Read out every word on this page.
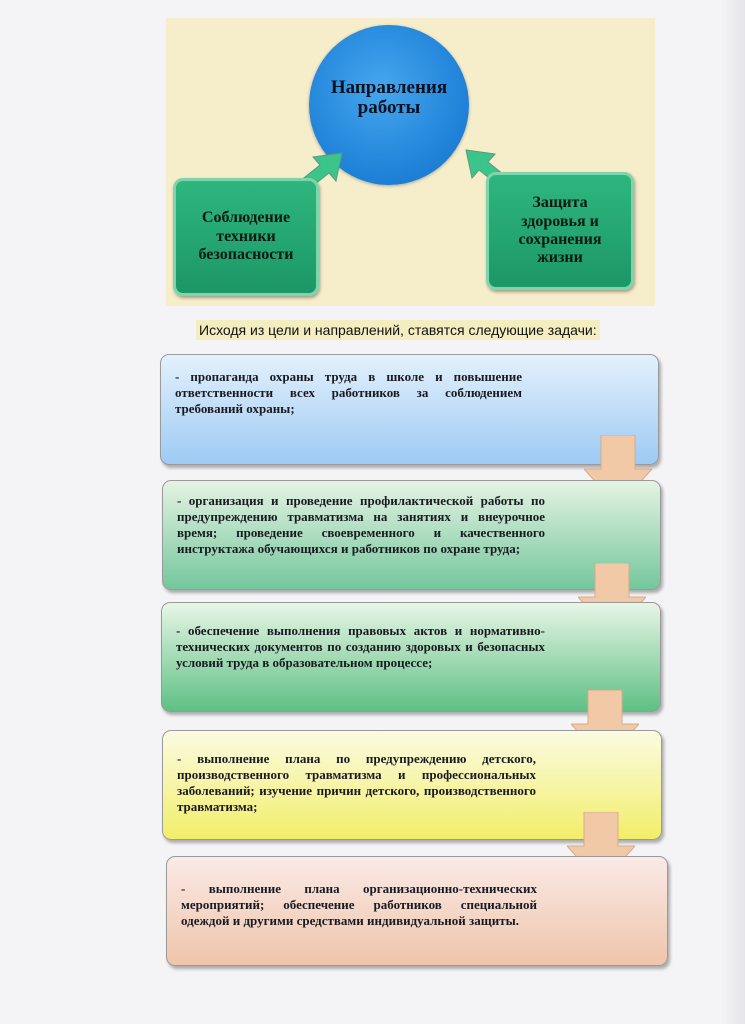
Направления работы
Соблюдение
техники
безопасности
Защита
здоровья и
сохранения
жизни
Исходя из цели и направлений, ставятся следующие задачи:

- пропаганда охраны труда в школе и повышение ответственности всех работников за соблюдением требований охраны;

- организация и проведение профилактической работы по предупреждению травматизма на занятиях и внеурочное время; проведение своевременного и качественного инструктажа обучающихся и работников по охране труда;

- обеспечение выполнения правовых актов и нормативно-технических документов по созданию здоровых и безопасных условий труда в образовательном процессе;

- выполнение плана по предупреждению детского, производственного травматизма и профессиональных заболеваний; изучение причин детского, производственного травматизма;

- выполнение плана организационно-технических мероприятий; обеспечение работников специальной одеждой и другими средствами индивидуальной защиты.
